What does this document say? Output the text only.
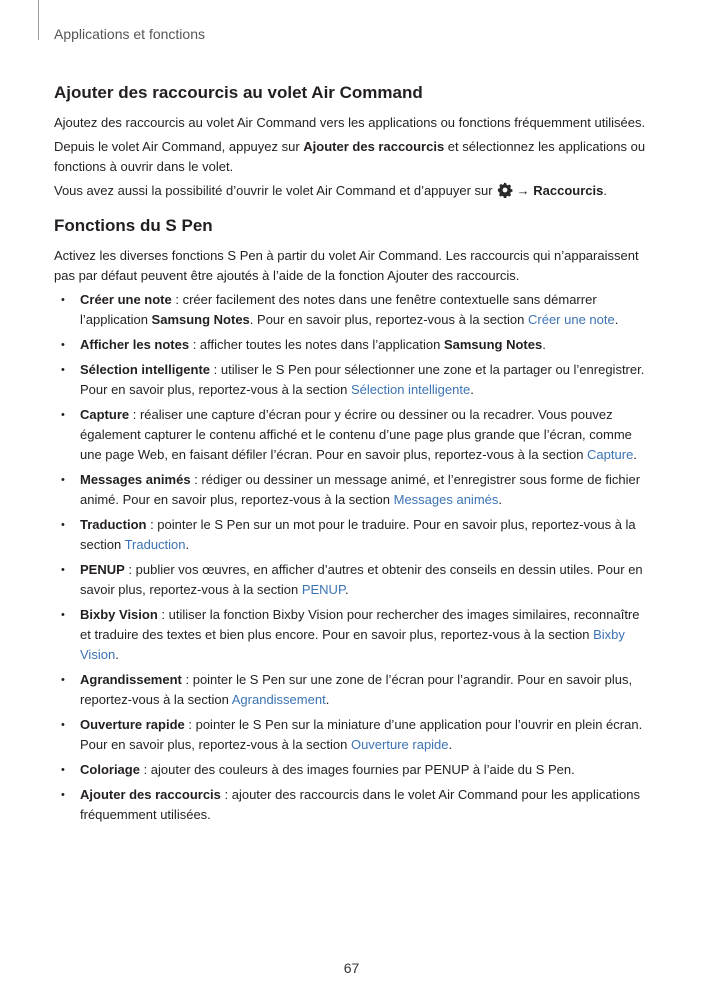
Applications et fonctions
Ajouter des raccourcis au volet Air Command

Ajoutez des raccourcis au volet Air Command vers les applications ou fonctions fréquemment utilisées.

Depuis le volet Air Command, appuyez sur Ajouter des raccourcis et sélectionnez les applications ou fonctions à ouvrir dans le volet.

Vous avez aussi la possibilité d’ouvrir le volet Air Command et d’appuyer sur → Raccourcis.

Fonctions du S Pen

Activez les diverses fonctions S Pen à partir du volet Air Command. Les raccourcis qui n’apparaissent pas par défaut peuvent être ajoutés à l’aide de la fonction Ajouter des raccourcis.

• Créer une note : créer facilement des notes dans une fenêtre contextuelle sans démarrer l’application Samsung Notes. Pour en savoir plus, reportez-vous à la section Créer une note.
• Afficher les notes : afficher toutes les notes dans l’application Samsung Notes.
• Sélection intelligente : utiliser le S Pen pour sélectionner une zone et la partager ou l’enregistrer. Pour en savoir plus, reportez-vous à la section Sélection intelligente.
• Capture : réaliser une capture d’écran pour y écrire ou dessiner ou la recadrer. Vous pouvez également capturer le contenu affiché et le contenu d’une page plus grande que l’écran, comme une page Web, en faisant défiler l’écran. Pour en savoir plus, reportez-vous à la section Capture.
• Messages animés : rédiger ou dessiner un message animé, et l’enregistrer sous forme de fichier animé. Pour en savoir plus, reportez-vous à la section Messages animés.
• Traduction : pointer le S Pen sur un mot pour le traduire. Pour en savoir plus, reportez-vous à la section Traduction.
• PENUP : publier vos œuvres, en afficher d’autres et obtenir des conseils en dessin utiles. Pour en savoir plus, reportez-vous à la section PENUP.
• Bixby Vision : utiliser la fonction Bixby Vision pour rechercher des images similaires, reconnaître et traduire des textes et bien plus encore. Pour en savoir plus, reportez-vous à la section Bixby Vision.
• Agrandissement : pointer le S Pen sur une zone de l’écran pour l’agrandir. Pour en savoir plus, reportez-vous à la section Agrandissement.
• Ouverture rapide : pointer le S Pen sur la miniature d’une application pour l’ouvrir en plein écran. Pour en savoir plus, reportez-vous à la section Ouverture rapide.
• Coloriage : ajouter des couleurs à des images fournies par PENUP à l’aide du S Pen.
• Ajouter des raccourcis : ajouter des raccourcis dans le volet Air Command pour les applications fréquemment utilisées.
67
